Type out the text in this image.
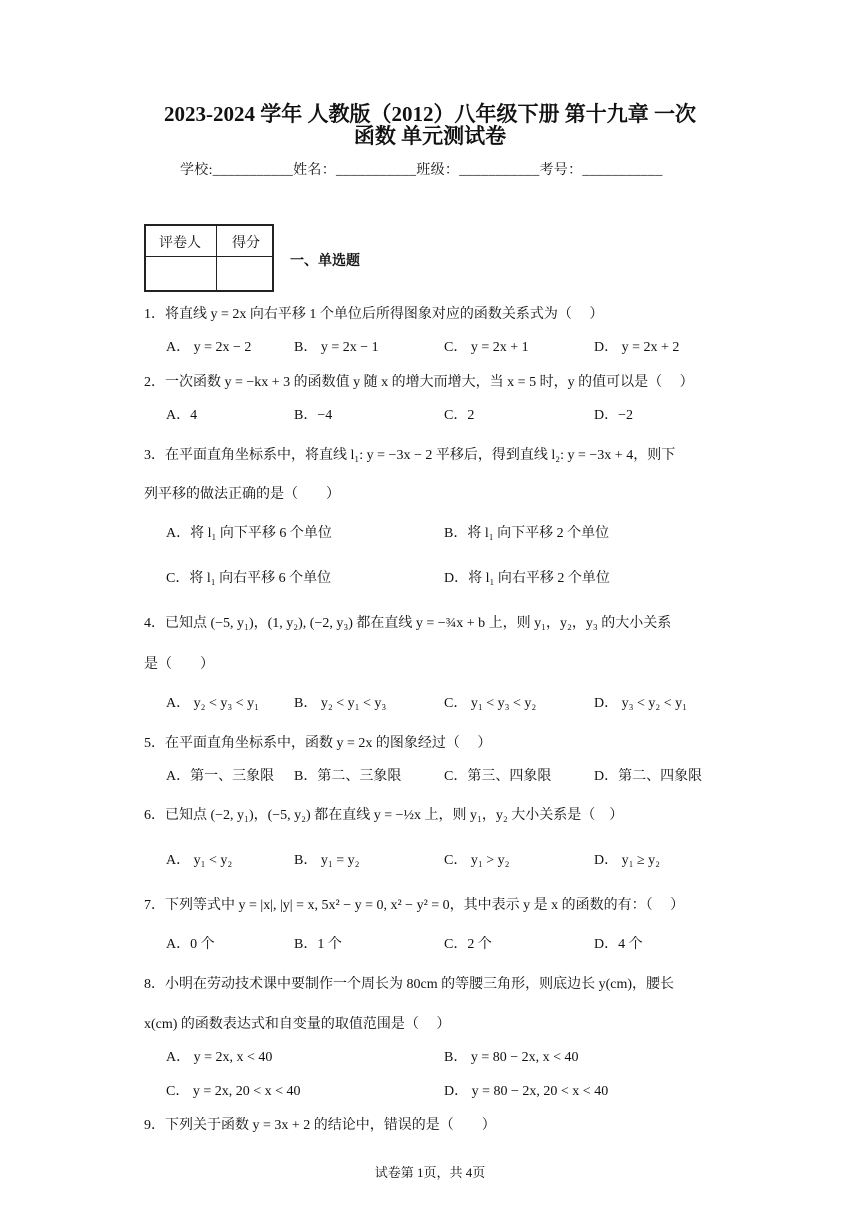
2023-2024 学年 人教版（2012）八年级下册 第十九章 一次
函数 单元测试卷
学校:___________姓名：___________班级：___________考号：___________
评卷人 得分
一、单选题
1．将直线 y = 2x 向右平移 1 个单位后所得图象对应的函数关系式为（　 ）
A． y = 2x − 2	B． y = 2x − 1	C． y = 2x + 1	D． y = 2x + 2
2．一次函数 y = −kx + 3 的函数值 y 随 x 的增大而增大，当 x = 5 时，y 的值可以是（　 ）
A．4	B．−4	C．2	D．−2
3．在平面直角坐标系中，将直线 l₁: y = −3x − 2 平移后，得到直线 l₂: y = −3x + 4，则下
列平移的做法正确的是（　　）
A．将 l₁ 向下平移 6 个单位	B．将 l₁ 向下平移 2 个单位
C．将 l₁ 向右平移 6 个单位	D．将 l₁ 向右平移 2 个单位
4．已知点 (−5, y₁)，(1, y₂), (−2, y₃) 都在直线 y = −¾x + b 上，则 y₁，y₂，y₃ 的大小关系
是（　　）
A． y₂ < y₃ < y₁ B． y₂ < y₁ < y₃	C． y₁ < y₃ < y₂	D． y₃ < y₂ < y₁
5．在平面直角坐标系中，函数 y = 2x 的图象经过（　 ）
A．第一、三象限 B．第二、三象限	C．第三、四象限	D．第二、四象限
6．已知点 (−2, y₁)，(−5, y₂) 都在直线 y = −½x 上，则 y₁，y₂ 大小关系是（　）
A． y₁ < y₂	B． y₁ = y₂	C． y₁ > y₂	D． y₁ ≥ y₂
7．下列等式中 y = |x|, |y| = x, 5x² − y = 0, x² − y² = 0，其中表示 y 是 x 的函数的有：（　 ）
A．0 个	B．1 个	C．2 个	D．4 个
8．小明在劳动技术课中要制作一个周长为 80cm 的等腰三角形，则底边长 y(cm)，腰长
x(cm) 的函数表达式和自变量的取值范围是（　 ）
A． y = 2x, x < 40	B． y = 80 − 2x, x < 40
C． y = 2x, 20 < x < 40	D． y = 80 − 2x, 20 < x < 40
9．下列关于函数 y = 3x + 2 的结论中，错误的是（　　）
试卷第 1页，共 4页
